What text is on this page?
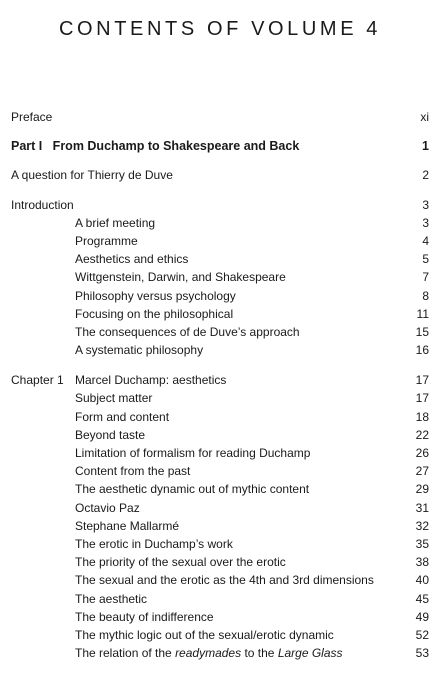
CONTENTS OF VOLUME 4
Preface	xi
Part I   From Duchamp to Shakespeare and Back	1
A question for Thierry de Duve	2
Introduction	3
A brief meeting	3
Programme	4
Aesthetics and ethics	5
Wittgenstein, Darwin, and Shakespeare	7
Philosophy versus psychology	8
Focusing on the philosophical	11
The consequences of de Duve’s approach	15
A systematic philosophy	16
Chapter 1 Marcel Duchamp: aesthetics	17
Subject matter	17
Form and content	18
Beyond taste	22
Limitation of formalism for reading Duchamp	26
Content from the past	27
The aesthetic dynamic out of mythic content	29
Octavio Paz	31
Stephane Mallarmé	32
The erotic in Duchamp’s work	35
The priority of the sexual over the erotic	38
The sexual and the erotic as the 4th and 3rd dimensions	40
The aesthetic	45
The beauty of indifference	49
The mythic logic out of the sexual/erotic dynamic	52
The relation of the readymades to the Large Glass	53
